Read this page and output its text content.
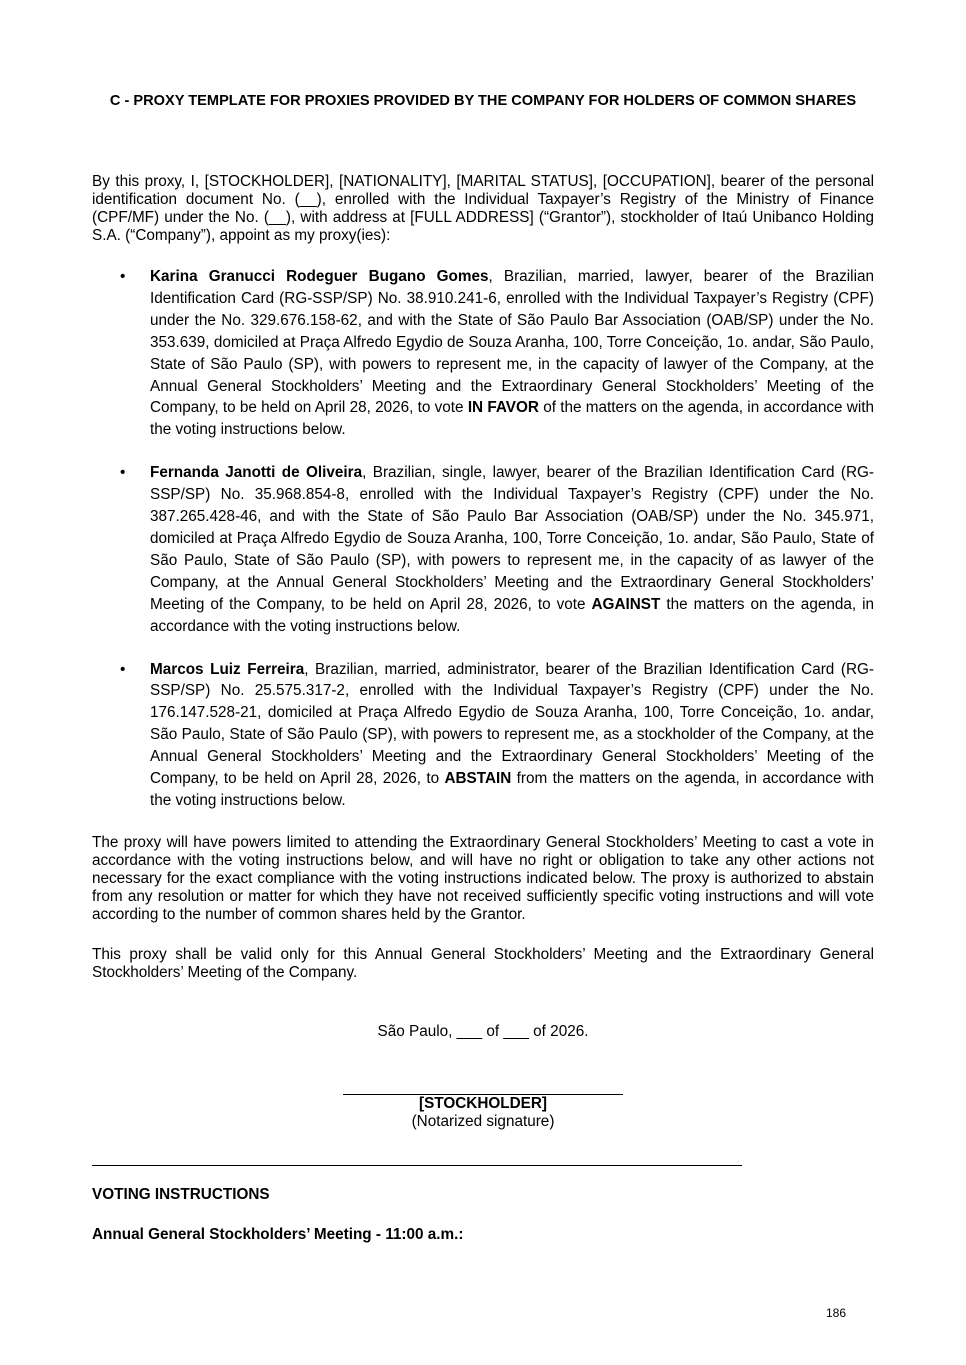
C - PROXY TEMPLATE FOR PROXIES PROVIDED BY THE COMPANY FOR HOLDERS OF COMMON SHARES
By this proxy, I, [STOCKHOLDER], [NATIONALITY], [MARITAL STATUS], [OCCUPATION], bearer of the personal identification document No. (__), enrolled with the Individual Taxpayer’s Registry of the Ministry of Finance (CPF/MF) under the No. (__), with address at [FULL ADDRESS] (“Grantor”), stockholder of Itaú Unibanco Holding S.A. (“Company”), appoint as my proxy(ies):
• Karina Granucci Rodeguer Bugano Gomes, Brazilian, married, lawyer, bearer of the Brazilian Identification Card (RG-SSP/SP) No. 38.910.241-6, enrolled with the Individual Taxpayer’s Registry (CPF) under the No. 329.676.158-62, and with the State of São Paulo Bar Association (OAB/SP) under the No. 353.639, domiciled at Praça Alfredo Egydio de Souza Aranha, 100, Torre Conceição, 1o. andar, São Paulo, State of São Paulo (SP), with powers to represent me, in the capacity of lawyer of the Company, at the Annual General Stockholders’ Meeting and the Extraordinary General Stockholders’ Meeting of the Company, to be held on April 28, 2026, to vote IN FAVOR of the matters on the agenda, in accordance with the voting instructions below.
• Fernanda Janotti de Oliveira, Brazilian, single, lawyer, bearer of the Brazilian Identification Card (RG-SSP/SP) No. 35.968.854-8, enrolled with the Individual Taxpayer’s Registry (CPF) under the No. 387.265.428-46, and with the State of São Paulo Bar Association (OAB/SP) under the No. 345.971, domiciled at Praça Alfredo Egydio de Souza Aranha, 100, Torre Conceição, 1o. andar, São Paulo, State of São Paulo, State of São Paulo (SP), with powers to represent me, in the capacity of as lawyer of the Company, at the Annual General Stockholders’ Meeting and the Extraordinary General Stockholders’ Meeting of the Company, to be held on April 28, 2026, to vote AGAINST the matters on the agenda, in accordance with the voting instructions below.
• Marcos Luiz Ferreira, Brazilian, married, administrator, bearer of the Brazilian Identification Card (RG-SSP/SP) No. 25.575.317-2, enrolled with the Individual Taxpayer’s Registry (CPF) under the No. 176.147.528-21, domiciled at Praça Alfredo Egydio de Souza Aranha, 100, Torre Conceição, 1o. andar, São Paulo, State of São Paulo (SP), with powers to represent me, as a stockholder of the Company, at the Annual General Stockholders’ Meeting and the Extraordinary General Stockholders’ Meeting of the Company, to be held on April 28, 2026, to ABSTAIN from the matters on the agenda, in accordance with the voting instructions below.
The proxy will have powers limited to attending the Extraordinary General Stockholders’ Meeting to cast a vote in accordance with the voting instructions below, and will have no right or obligation to take any other actions not necessary for the exact compliance with the voting instructions indicated below. The proxy is authorized to abstain from any resolution or matter for which they have not received sufficiently specific voting instructions and will vote according to the number of common shares held by the Grantor.
This proxy shall be valid only for this Annual General Stockholders’ Meeting and the Extraordinary General Stockholders’ Meeting of the Company.
São Paulo, ___ of ___ of 2026.
[STOCKHOLDER]
(Notarized signature)
VOTING INSTRUCTIONS
Annual General Stockholders’ Meeting - 11:00 a.m.:
186
